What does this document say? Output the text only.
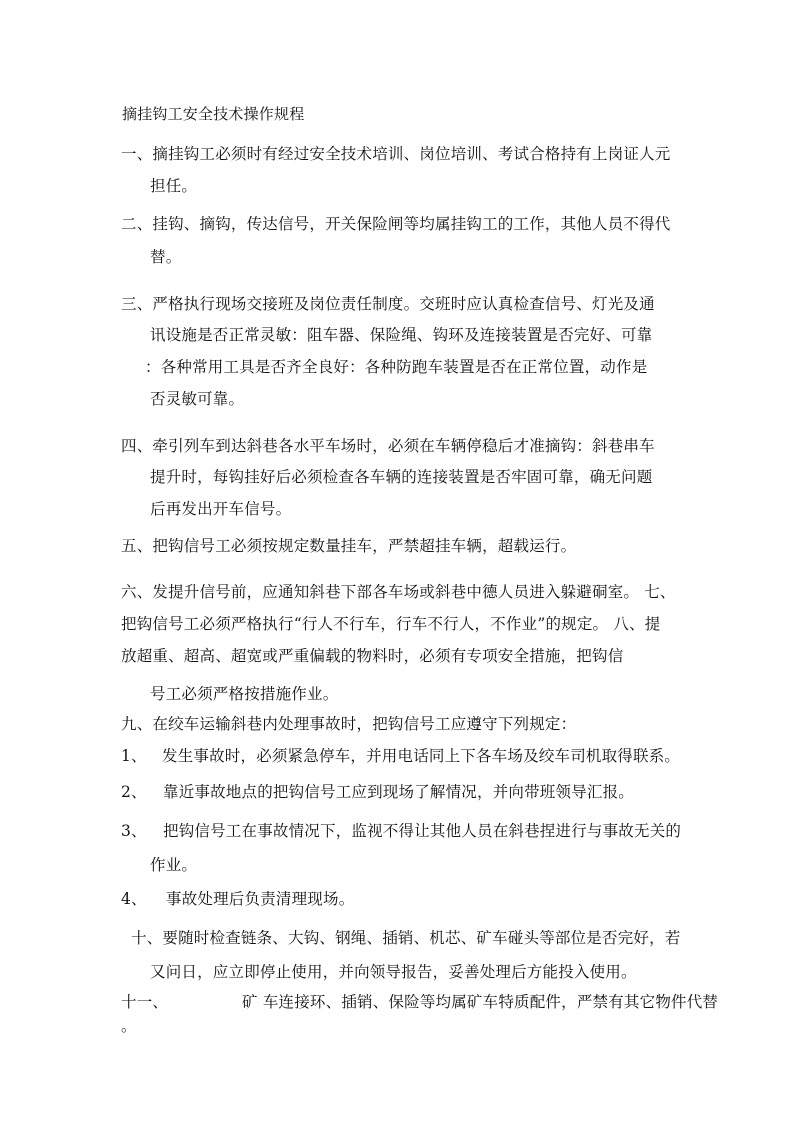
摘挂钩工安全技术操作规程
一、摘挂钩工必须时有经过安全技术培训、岗位培训、考试合格持有上岗证人元
担任。
二、挂钩、摘钩，传达信号，开关保险闸等均属挂钩工的工作，其他人员不得代
替。
三、严格执行现场交接班及岗位责任制度。交班时应认真检查信号、灯光及通
讯设施是否正常灵敏：阻车器、保险绳、钩环及连接装置是否完好、可靠
：各种常用工具是否齐全良好：各种防跑车装置是否在正常位置，动作是
否灵敏可靠。
四、牵引列车到达斜巷各水平车场时，必须在车辆停稳后才准摘钩：斜巷串车
提升时，每钩挂好后必须检查各车辆的连接装置是否牢固可靠，确无问题
后再发出开车信号。
五、把钩信号工必须按规定数量挂车，严禁超挂车辆，超载运行。
六、发提升信号前，应通知斜巷下部各车场或斜巷中德人员进入躲避硐室。 七、
把钩信号工必须严格执行“行人不行车，行车不行人，不作业”的规定。 八、提
放超重、超高、超宽或严重偏载的物料时，必须有专项安全措施，把钩信
号工必须严格按措施作业。
九、在绞车运输斜巷内处理事故时，把钩信号工应遵守下列规定：
1、 发生事故时，必须紧急停车，并用电话同上下各车场及绞车司机取得联系。
2、 靠近事故地点的把钩信号工应到现场了解情况，并向带班领导汇报。
3、 把钩信号工在事故情况下，监视不得让其他人员在斜巷捏进行与事故无关的
作业。
4、 事故处理后负责清理现场。
十、要随时检查链条、大钩、钢绳、插销、机芯、矿车碰头等部位是否完好，若
又问日，应立即停止使用，并向领导报告，妥善处理后方能投入使用。
十一、	矿 车连接环、插销、保险等均属矿车特质配件，严禁有其它物件代替
。
